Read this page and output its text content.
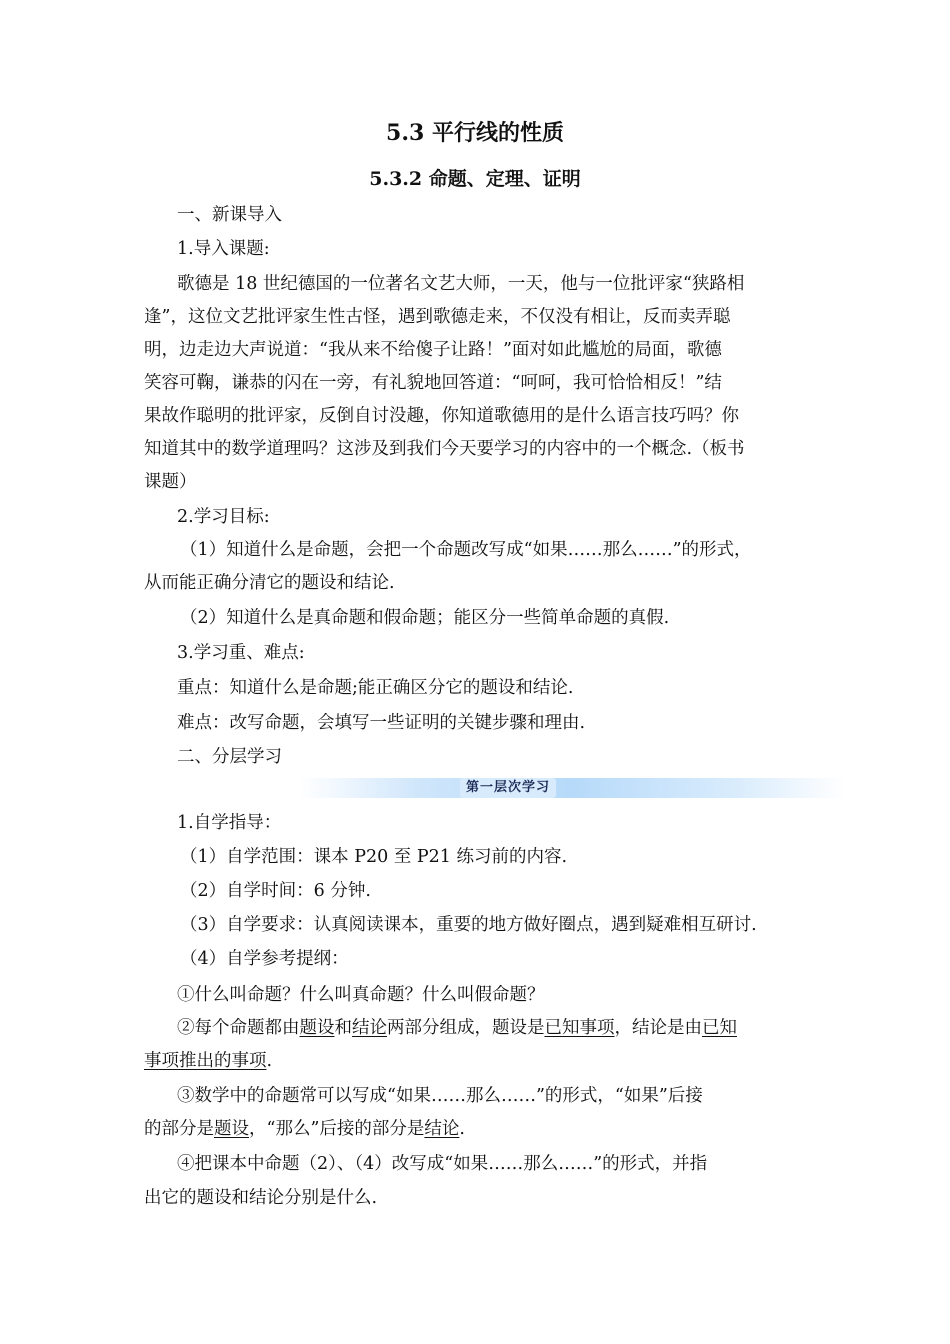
5.3 平行线的性质
5.3.2 命题、定理、证明
一、新课导入
1.导入课题:
歌德是 18 世纪德国的一位著名文艺大师，一天，他与一位批评家“狭路相
逢”，这位文艺批评家生性古怪，遇到歌德走来，不仅没有相让，反而卖弄聪
明，边走边大声说道：“我从来不给傻子让路！”面对如此尴尬的局面，歌德
笑容可鞠，谦恭的闪在一旁，有礼貌地回答道：“呵呵，我可恰恰相反！”结
果故作聪明的批评家，反倒自讨没趣，你知道歌德用的是什么语言技巧吗？你
知道其中的数学道理吗？这涉及到我们今天要学习的内容中的一个概念.（板书
课题）
2.学习目标:
（1）知道什么是命题，会把一个命题改写成“如果……那么……”的形式，
从而能正确分清它的题设和结论.
（2）知道什么是真命题和假命题；能区分一些简单命题的真假.
3.学习重、难点:
重点：知道什么是命题;能正确区分它的题设和结论.
难点：改写命题，会填写一些证明的关键步骤和理由.
二、分层学习
第一层次学习
1.自学指导：
（1）自学范围：课本 P20 至 P21 练习前的内容.
（2）自学时间：6 分钟.
（3）自学要求：认真阅读课本，重要的地方做好圈点，遇到疑难相互研讨.
（4）自学参考提纲：
①什么叫命题？什么叫真命题？什么叫假命题？
②每个命题都由题设和结论两部分组成，题设是已知事项，结论是由已知
事项推出的事项.
③数学中的命题常可以写成“如果……那么……”的形式，“如果”后接
的部分是题设，“那么”后接的部分是结论.
④把课本中命题（2）、（4）改写成“如果……那么……”的形式，并指
出它的题设和结论分别是什么.
